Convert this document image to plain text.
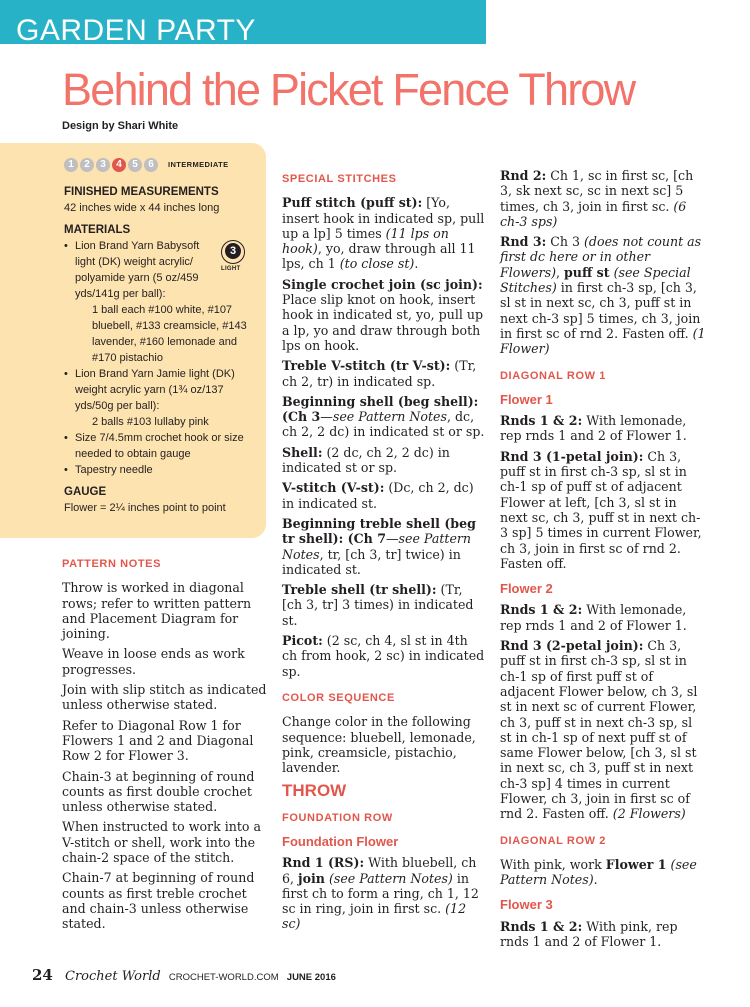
GARDEN PARTY
Behind the Picket Fence Throw
Design by Shari White
1	2	3	4	5	6	INTERMEDIATE
FINISHED MEASUREMENTS
42 inches wide x 44 inches long
MATERIALS
• Lion Brand Yarn Babysoft light (DK) weight acrylic/ polyamide yarn (5 oz/459 yds/141g per ball):
1 ball each #100 white, #107 bluebell, #133 creamsicle, #143 lavender, #160 lemonade and #170 pistachio
• Lion Brand Yarn Jamie light (DK) weight acrylic yarn (1¾ oz/137 yds/50g per ball):
2 balls #103 lullaby pink
• Size 7/4.5mm crochet hook or size needed to obtain gauge
• Tapestry needle
GAUGE
Flower = 2¼ inches point to point
3
LIGHT
PATTERN NOTES

Throw is worked in diagonal rows; refer to written pattern and Placement Diagram for joining.

Weave in loose ends as work progresses.

Join with slip stitch as indicated unless otherwise stated.

Refer to Diagonal Row 1 for Flowers 1 and 2 and Diagonal Row 2 for Flower 3.

Chain-3 at beginning of round counts as first double crochet unless otherwise stated.

When instructed to work into a V-stitch or shell, work into the chain-2 space of the stitch.

Chain-7 at beginning of round counts as first treble crochet and chain-3 unless otherwise stated.

SPECIAL STITCHES

Puff stitch (puff st): [Yo, insert hook in indicated sp, pull up a lp] 5 times (11 lps on hook), yo, draw through all 11 lps, ch 1 (to close st).

Single crochet join (sc join): Place slip knot on hook, insert hook in indicated st, yo, pull up a lp, yo and draw through both lps on hook.

Treble V-stitch (tr V-st): (Tr, ch 2, tr) in indicated sp.

Beginning shell (beg shell): (Ch 3—see Pattern Notes, dc, ch 2, 2 dc) in indicated st or sp.

Shell: (2 dc, ch 2, 2 dc) in indicated st or sp.

V-stitch (V-st): (Dc, ch 2, dc) in indicated st.

Beginning treble shell (beg tr shell): (Ch 7—see Pattern Notes, tr, [ch 3, tr] twice) in indicated st.

Treble shell (tr shell): (Tr, [ch 3, tr] 3 times) in indicated st.

Picot: (2 sc, ch 4, sl st in 4th ch from hook, 2 sc) in indicated sp.

COLOR SEQUENCE

Change color in the following sequence: bluebell, lemonade, pink, creamsicle, pistachio, lavender.

THROW
FOUNDATION ROW
Foundation Flower

Rnd 1 (RS): With bluebell, ch 6, join (see Pattern Notes) in first ch to form a ring, ch 1, 12 sc in ring, join in first sc. (12 sc)

Rnd 2: Ch 1, sc in first sc, [ch 3, sk next sc, sc in next sc] 5 times, ch 3, join in first sc. (6 ch-3 sps)

Rnd 3: Ch 3 (does not count as first dc here or in other Flowers), puff st (see Special Stitches) in first ch-3 sp, [ch 3, sl st in next sc, ch 3, puff st in next ch-3 sp] 5 times, ch 3, join in first sc of rnd 2. Fasten off. (1 Flower)

DIAGONAL ROW 1
Flower 1

Rnds 1 & 2: With lemonade, rep rnds 1 and 2 of Flower 1.

Rnd 3 (1-petal join): Ch 3, puff st in first ch-3 sp, sl st in ch-1 sp of puff st of adjacent Flower at left, [ch 3, sl st in next sc, ch 3, puff st in next ch-3 sp] 5 times in current Flower, ch 3, join in first sc of rnd 2. Fasten off.

Flower 2

Rnds 1 & 2: With lemonade, rep rnds 1 and 2 of Flower 1.

Rnd 3 (2-petal join): Ch 3, puff st in first ch-3 sp, sl st in ch-1 sp of first puff st of adjacent Flower below, ch 3, sl st in next sc of current Flower, ch 3, puff st in next ch-3 sp, sl st in ch-1 sp of next puff st of same Flower below, [ch 3, sl st in next sc, ch 3, puff st in next ch-3 sp] 4 times in current Flower, ch 3, join in first sc of rnd 2. Fasten off. (2 Flowers)

DIAGONAL ROW 2

With pink, work Flower 1 (see Pattern Notes).

Flower 3

Rnds 1 & 2: With pink, rep rnds 1 and 2 of Flower 1.

24 Crochet World CROCHET-WORLD.COM JUNE 2016
